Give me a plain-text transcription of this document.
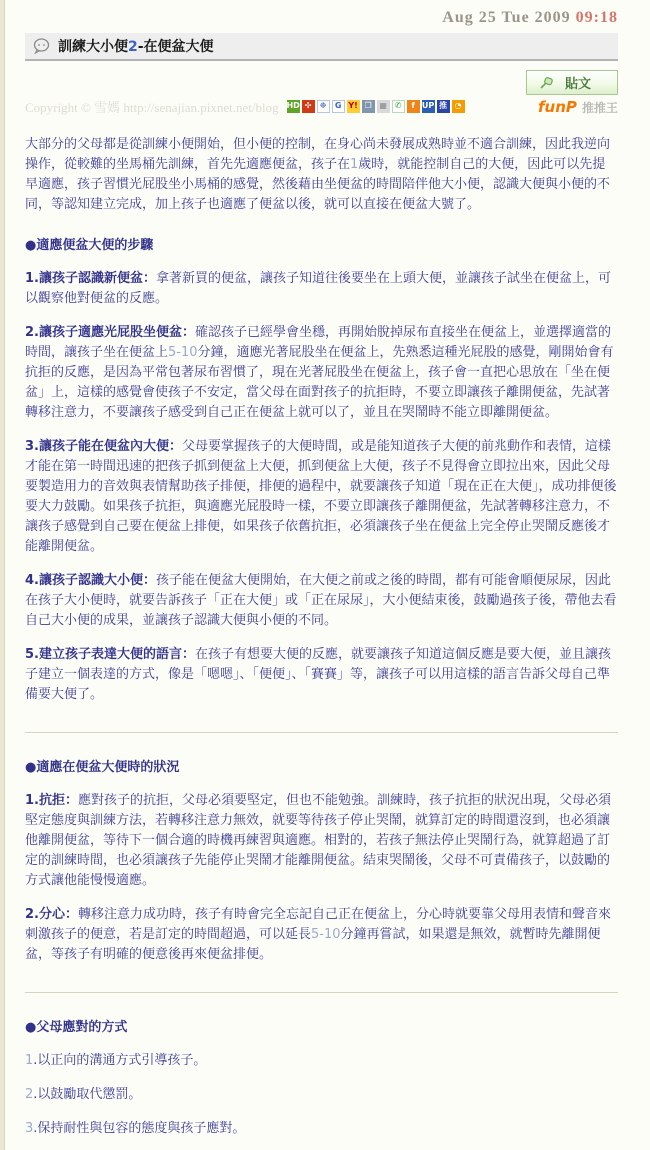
Aug 25 Tue 2009 09:18
訓練大小便2-在便盆大便
貼文
Copyright © 雪媽 http://senajian.pixnet.net/blog HD ✣	❉	G Y! ❐ ▦ ✆	f UP 推 ◔	funP 推推王

大部分的父母都是從訓練小便開始，但小便的控制，在身心尚未發展成熟時並不適合訓練，因此我逆向操作，從較難的坐馬桶先訓練，首先先適應便盆，孩子在1歲時，就能控制自己的大便，因此可以先提早適應，孩子習慣光屁股坐小馬桶的感覺，然後藉由坐便盆的時間陪伴他大小便，認識大便與小便的不同，等認知建立完成，加上孩子也適應了便盆以後，就可以直接在便盆大號了。

●適應便盆大便的步驟

1.讓孩子認識新便盆：拿著新買的便盆，讓孩子知道往後要坐在上頭大便，並讓孩子試坐在便盆上，可以觀察他對便盆的反應。

2.讓孩子適應光屁股坐便盆：確認孩子已經學會坐穩，再開始脫掉尿布直接坐在便盆上，並選擇適當的時間，讓孩子坐在便盆上5-10分鐘，適應光著屁股坐在便盆上，先熟悉這種光屁股的感覺，剛開始會有抗拒的反應，是因為平常包著尿布習慣了，現在光著屁股坐在便盆上，孩子會一直把心思放在「坐在便盆」上，這樣的感覺會使孩子不安定，當父母在面對孩子的抗拒時，不要立即讓孩子離開便盆，先試著轉移注意力，不要讓孩子感受到自己正在便盆上就可以了，並且在哭鬧時不能立即離開便盆。

3.讓孩子能在便盆內大便：父母要掌握孩子的大便時間，或是能知道孩子大便的前兆動作和表情，這樣才能在第一時間迅速的把孩子抓到便盆上大便，抓到便盆上大便，孩子不見得會立即拉出來，因此父母要製造用力的音效與表情幫助孩子排便，排便的過程中，就要讓孩子知道「現在正在大便」，成功排便後要大力鼓勵。如果孩子抗拒，與適應光屁股時一樣，不要立即讓孩子離開便盆，先試著轉移注意力，不讓孩子感覺到自己要在便盆上排便，如果孩子依舊抗拒，必須讓孩子坐在便盆上完全停止哭鬧反應後才能離開便盆。

4.讓孩子認識大小便：孩子能在便盆大便開始，在大便之前或之後的時間，都有可能會順便尿尿，因此在孩子大小便時，就要告訴孩子「正在大便」或「正在尿尿」，大小便結束後，鼓勵過孩子後，帶他去看自己大小便的成果，並讓孩子認識大便與小便的不同。

5.建立孩子表達大便的語言：在孩子有想要大便的反應，就要讓孩子知道這個反應是要大便，並且讓孩子建立一個表達的方式，像是「嗯嗯」、「便便」、「賽賽」等，讓孩子可以用這樣的語言告訴父母自己準備要大便了。

●適應在便盆大便時的狀況

1.抗拒：應對孩子的抗拒，父母必須要堅定，但也不能勉強。訓練時，孩子抗拒的狀況出現，父母必須堅定態度與訓練方法，若轉移注意力無效，就要等待孩子停止哭鬧，就算訂定的時間還沒到，也必須讓他離開便盆，等待下一個合適的時機再練習與適應。相對的，若孩子無法停止哭鬧行為，就算超過了訂定的訓練時間，也必須讓孩子先能停止哭鬧才能離開便盆。結束哭鬧後，父母不可責備孩子，以鼓勵的方式讓他能慢慢適應。

2.分心：轉移注意力成功時，孩子有時會完全忘記自己正在便盆上，分心時就要靠父母用表情和聲音來刺激孩子的便意，若是訂定的時間超過，可以延長5-10分鐘再嘗試，如果還是無效，就暫時先離開便盆，等孩子有明確的便意後再來便盆排便。

●父母應對的方式

1.以正向的溝通方式引導孩子。

2.以鼓勵取代懲罰。

3.保持耐性與包容的態度與孩子應對。
